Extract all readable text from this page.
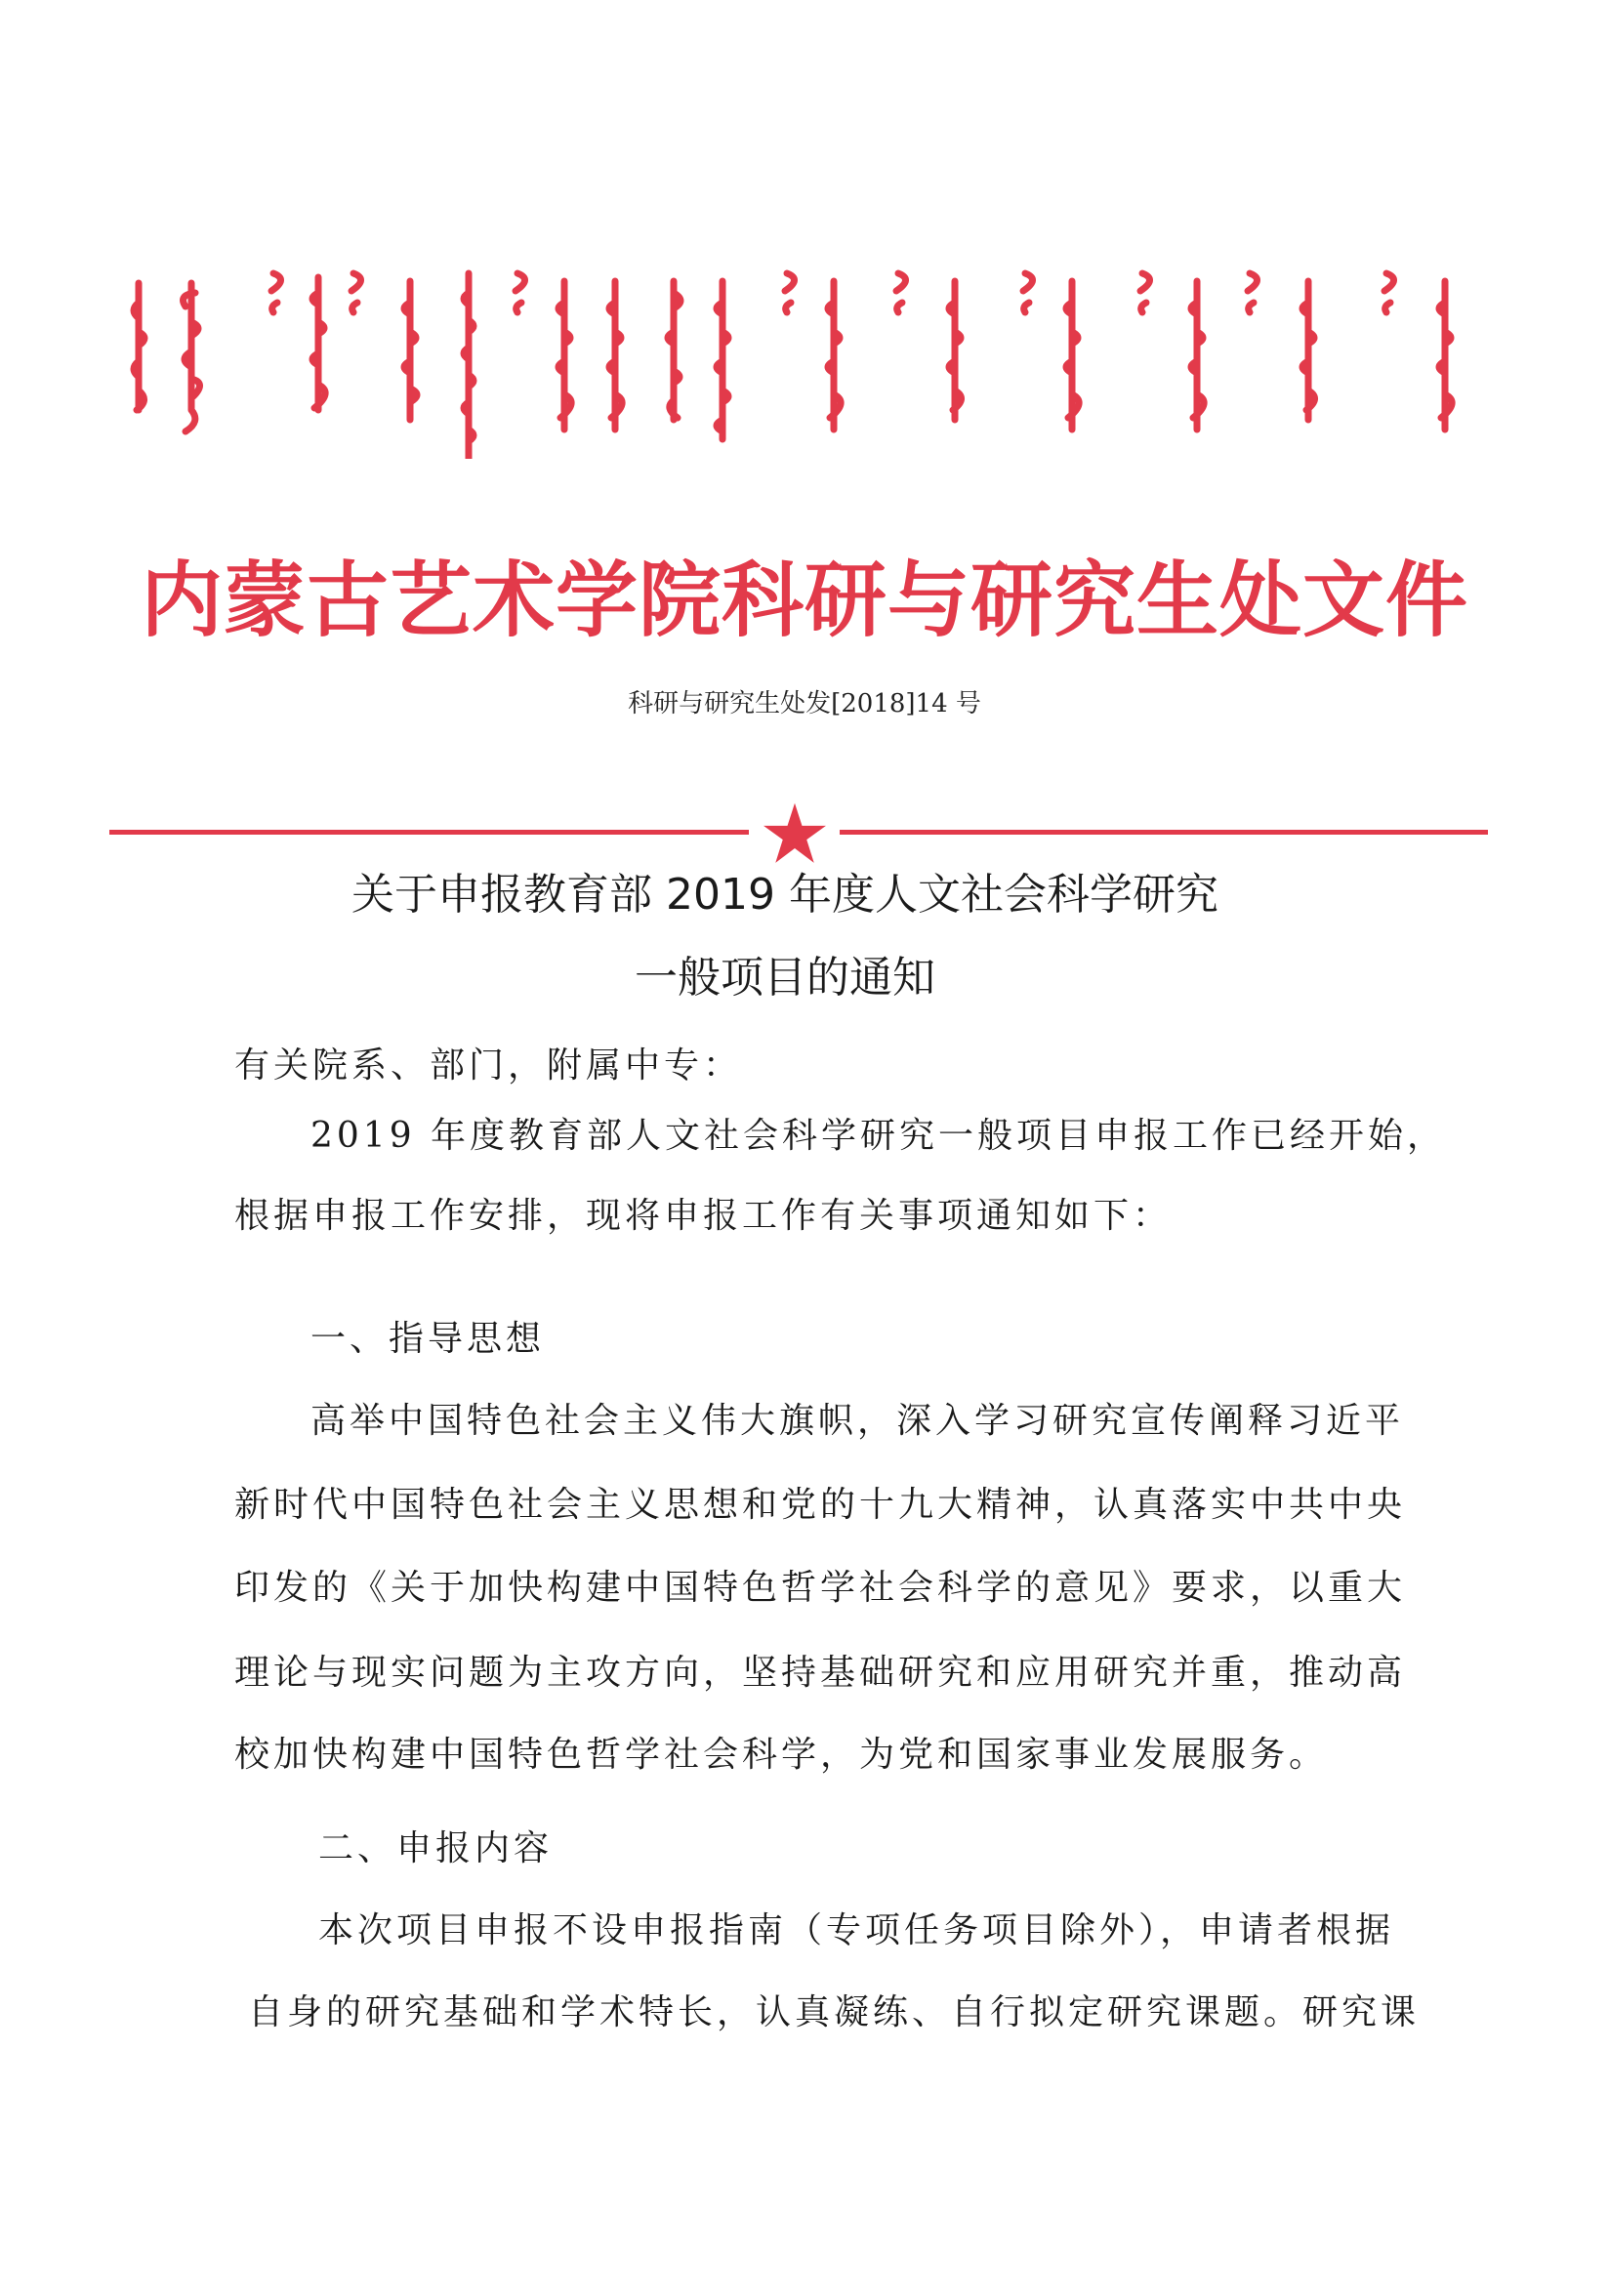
内蒙古艺术学院科研与研究生处文件
科研与研究生处发[2018]14 号
关于申报教育部 2019 年度人文社会科学研究
一般项目的通知
有关院系、部门，附属中专：
2019 年度教育部人文社会科学研究一般项目申报工作已经开始，
根据申报工作安排，现将申报工作有关事项通知如下：
一、指导思想
高举中国特色社会主义伟大旗帜，深入学习研究宣传阐释习近平
新时代中国特色社会主义思想和党的十九大精神，认真落实中共中央
印发的《关于加快构建中国特色哲学社会科学的意见》要求，以重大
理论与现实问题为主攻方向，坚持基础研究和应用研究并重，推动高
校加快构建中国特色哲学社会科学，为党和国家事业发展服务。
二、申报内容
本次项目申报不设申报指南（专项任务项目除外），申请者根据
自身的研究基础和学术特长，认真凝练、自行拟定研究课题。研究课
